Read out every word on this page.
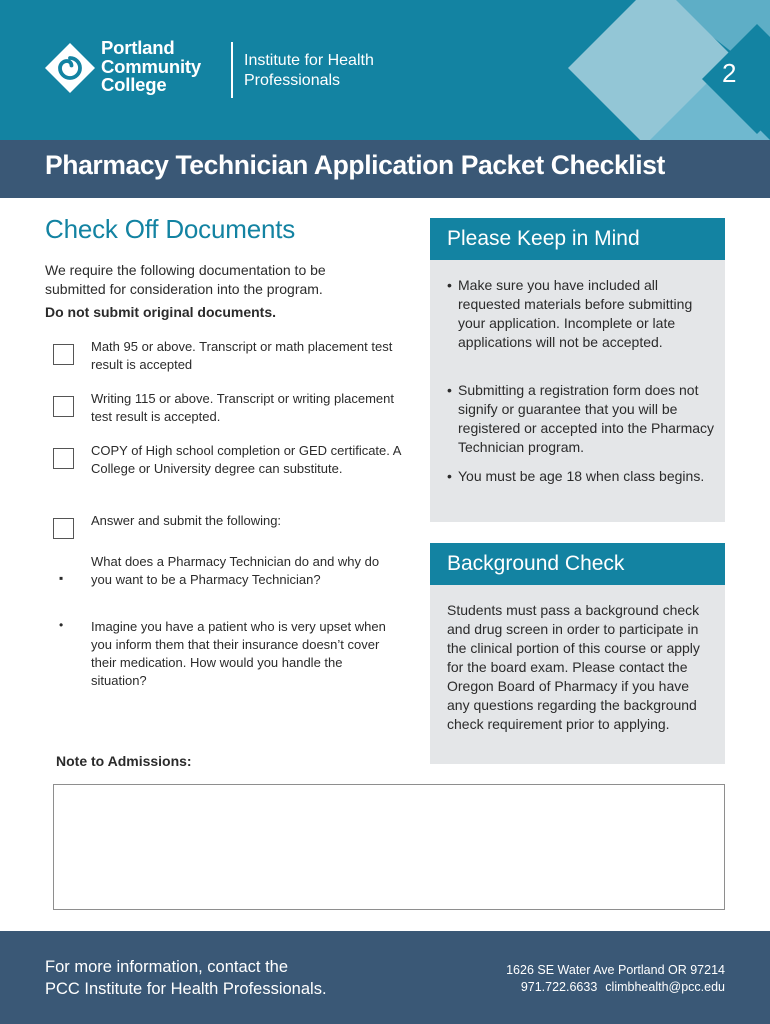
Portland
Community
College
Institute for Health
Professionals	2
Pharmacy Technician Application Packet Checklist
Check Off Documents
We require the following documentation to be submitted for consideration into the program.
Do not submit original documents.
Math 95 or above. Transcript or math placement test result is accepted
Writing 115 or above. Transcript or writing placement test result is accepted.
COPY of High school completion or GED certificate. A College or University degree can substitute.
Answer and submit the following:
▪
What does a Pharmacy Technician do and why do you want to be a Pharmacy Technician?
• Imagine you have a patient who is very upset when you inform them that their insurance doesn’t cover their medication. How would you handle the situation?
Note to Admissions:
Please Keep in Mind
• Make sure you have included all requested materials before submitting your application. Incomplete or late applications will not be accepted.
• Submitting a registration form does not signify or guarantee that you will be registered or accepted into the Pharmacy Technician program.
• You must be age 18 when class begins.
Background Check
Students must pass a background check and drug screen in order to participate in the clinical portion of this course or apply for the board exam. Please contact the Oregon Board of Pharmacy if you have any questions regarding the background check requirement prior to applying.
For more information, contact the
PCC Institute for Health Professionals.
1626 SE Water Ave Portland OR 97214
971.722.6633 climbhealth@pcc.edu
